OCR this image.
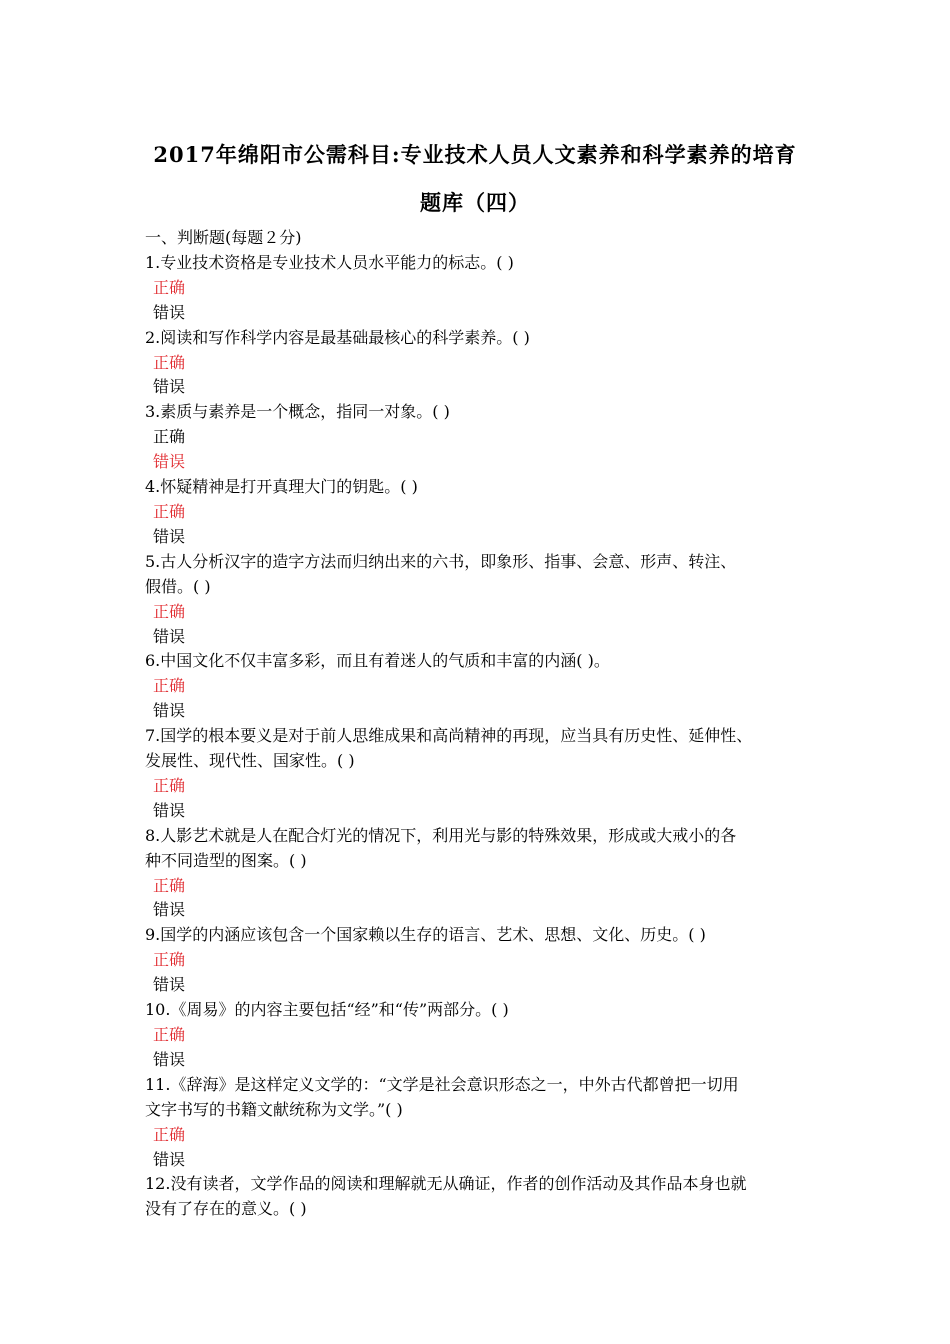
2017年绵阳市公需科目:专业技术人员人文素养和科学素养的培育
题库（四）
一、判断题(每题２分)
1.专业技术资格是专业技术人员水平能力的标志。( )
正确
错误
2.阅读和写作科学内容是最基础最核心的科学素养。( )
正确
错误
3.素质与素养是一个概念，指同一对象。( )
正确
错误
4.怀疑精神是打开真理大门的钥匙。( )
正确
错误
5.古人分析汉字的造字方法而归纳出来的六书，即象形、指事、会意、形声、转注、
假借。( )
正确
错误
6.中国文化不仅丰富多彩，而且有着迷人的气质和丰富的内涵( )。
正确
错误
7.国学的根本要义是对于前人思维成果和高尚精神的再现，应当具有历史性、延伸性、
发展性、现代性、国家性。( )
正确
错误
8.人影艺术就是人在配合灯光的情况下，利用光与影的特殊效果，形成或大戒小的各
种不同造型的图案。( )
正确
错误
9.国学的内涵应该包含一个国家赖以生存的语言、艺术、思想、文化、历史。( )
正确
错误
10.《周易》的内容主要包括“经”和“传”两部分。( )
正确
错误
11.《辞海》是这样定义文学的：“文学是社会意识形态之一，中外古代都曾把一切用
文字书写的书籍文献统称为文学。”( )
正确
错误
12.没有读者，文学作品的阅读和理解就无从确证，作者的创作活动及其作品本身也就
没有了存在的意义。( )
